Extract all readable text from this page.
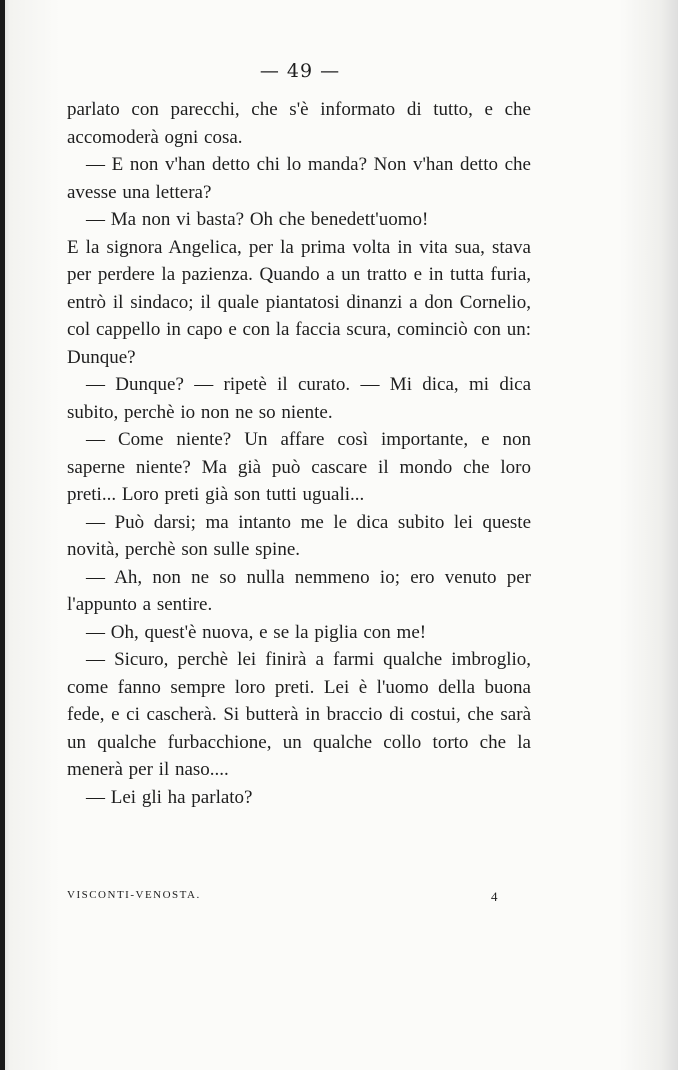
— 49 —

parlato con parecchi, che s'è informato di tutto, e che accomoderà ogni cosa.

— E non v'han detto chi lo manda? Non v'han detto che avesse una lettera?

— Ma non vi basta? Oh che benedett'uomo!

E la signora Angelica, per la prima volta in vita sua, stava per perdere la pazienza. Quando a un tratto e in tutta furia, entrò il sindaco; il quale piantatosi dinanzi a don Cornelio, col cappello in capo e con la faccia scura, cominciò con un: Dunque?

— Dunque? — ripetè il curato. — Mi dica, mi dica subito, perchè io non ne so niente.

— Come niente? Un affare così importante, e non saperne niente? Ma già può cascare il mondo che loro preti... Loro preti già son tutti uguali...

— Può darsi; ma intanto me le dica subito lei queste novità, perchè son sulle spine.

— Ah, non ne so nulla nemmeno io; ero venuto per l'appunto a sentire.

— Oh, quest'è nuova, e se la piglia con me!

— Sicuro, perchè lei finirà a farmi qualche imbroglio, come fanno sempre loro preti. Lei è l'uomo della buona fede, e ci cascherà. Si butterà in braccio di costui, che sarà un qualche furbacchione, un qualche collo torto che la menerà per il naso....

— Lei gli ha parlato?

VISCONTI-VENOSTA.	4
